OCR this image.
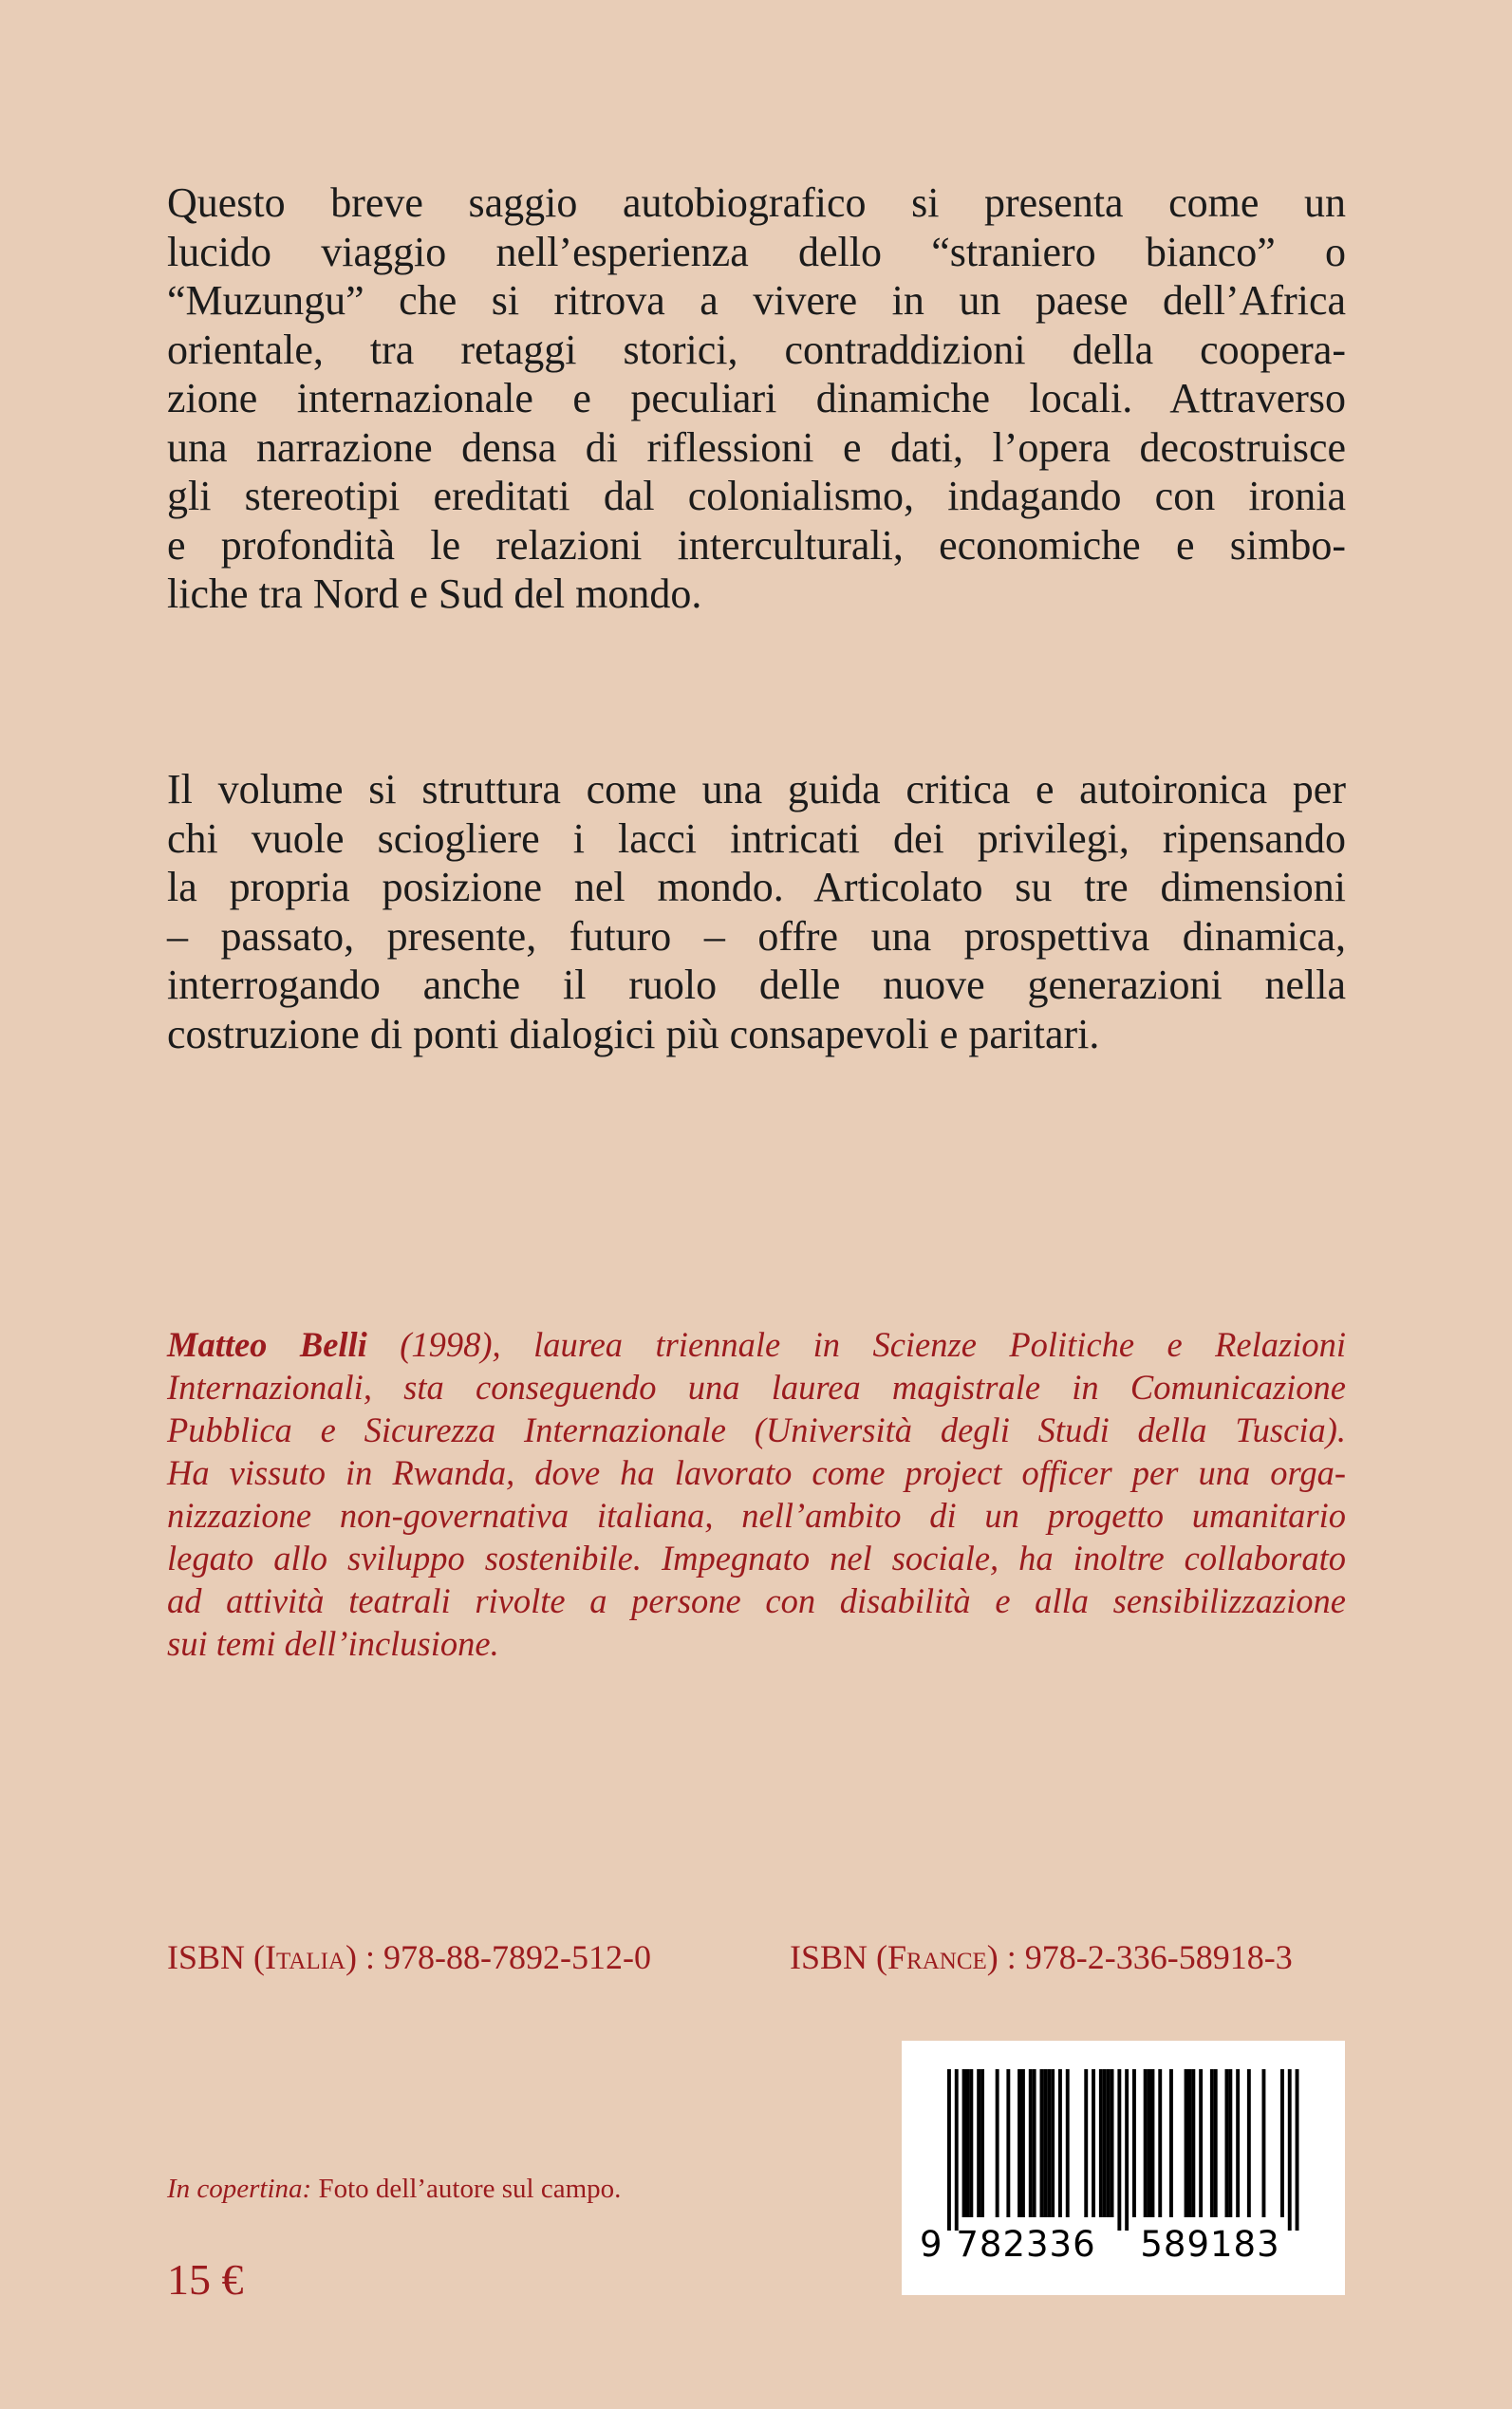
Questo breve saggio autobiografico si presenta come un
lucido viaggio nell’esperienza dello “straniero bianco” o
“Muzungu” che si ritrova a vivere in un paese dell’Africa
orientale, tra retaggi storici, contraddizioni della coopera-
zione internazionale e peculiari dinamiche locali. Attraverso
una narrazione densa di riflessioni e dati, l’opera decostruisce
gli stereotipi ereditati dal colonialismo, indagando con ironia
e profondità le relazioni interculturali, economiche e simbo-
liche tra Nord e Sud del mondo.
Il volume si struttura come una guida critica e autoironica per
chi vuole sciogliere i lacci intricati dei privilegi, ripensando
la propria posizione nel mondo. Articolato su tre dimensioni
– passato, presente, futuro – offre una prospettiva dinamica,
interrogando anche il ruolo delle nuove generazioni nella
costruzione di ponti dialogici più consapevoli e paritari.
Matteo Belli (1998), laurea triennale in Scienze Politiche e Relazioni
Internazionali, sta conseguendo una laurea magistrale in Comunicazione
Pubblica e Sicurezza Internazionale (Università degli Studi della Tuscia).
Ha vissuto in Rwanda, dove ha lavorato come project officer per una orga-
nizzazione non-governativa italiana, nell’ambito di un progetto umanitario
legato allo sviluppo sostenibile. Impegnato nel sociale, ha inoltre collaborato
ad attività teatrali rivolte a persone con disabilità e alla sensibilizzazione
sui temi dell’inclusione.
ISBN (Italia) : 978-88-7892-512-0	ISBN (France) : 978-2-336-58918-3
9 782336 589183
In copertina: Foto dell’autore sul campo.
15 €
